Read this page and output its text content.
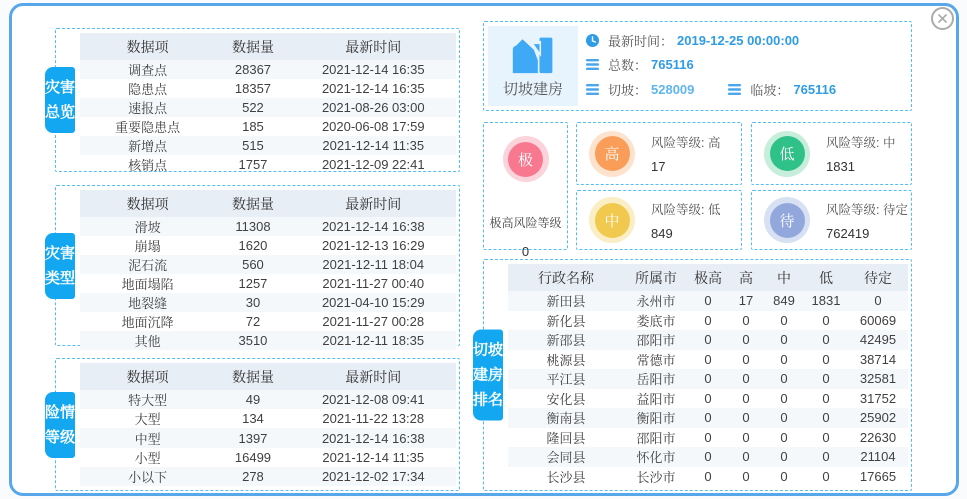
灾害总览
数据项	数据量	最新时间
调查点	28367	2021-12-14 16:35
隐患点	18357	2021-12-14 16:35
速报点	522	2021-08-26 03:00
重要隐患点	185	2020-06-08 17:59
新增点	515	2021-12-14 11:35
核销点	1757	2021-12-09 22:41
灾害类型
数据项	数据量	最新时间
滑坡	11308	2021-12-14 16:38
崩塌	1620	2021-12-13 16:29
泥石流	560	2021-12-11 18:04
地面塌陷	1257	2021-11-27 00:40
地裂缝	30	2021-04-10 15:29
地面沉降	72	2021-11-27 00:28
其他	3510	2021-12-11 18:35
险情等级
数据项	数据量	最新时间
特大型	49	2021-12-08 09:41
大型	134	2021-11-22 13:28
中型	1397	2021-12-14 16:38
小型	16499	2021-12-14 11:35
小以下	278	2021-12-02 17:34
切坡建房
最新时间： 2019-12-25 00:00:00
总数： 765116
切坡： 528009	临坡： 765116
极
极高风险等级
0
高
风险等级: 高
17
低
风险等级: 中
1831
中
风险等级: 低
849
待
风险等级: 待定
762419
切坡建房排名
行政名称	所属市	极高	高	中	低	待定
新田县	永州市	0	17	849	1831	0
新化县	娄底市	0	0	0	0	60069
新邵县	邵阳市	0	0	0	0	42495
桃源县	常德市	0	0	0	0	38714
平江县	岳阳市	0	0	0	0	32581
安化县	益阳市	0	0	0	0	31752
衡南县	衡阳市	0	0	0	0	25902
隆回县	邵阳市	0	0	0	0	22630
会同县	怀化市	0	0	0	0	21104
长沙县	长沙市	0	0	0	0	17665
